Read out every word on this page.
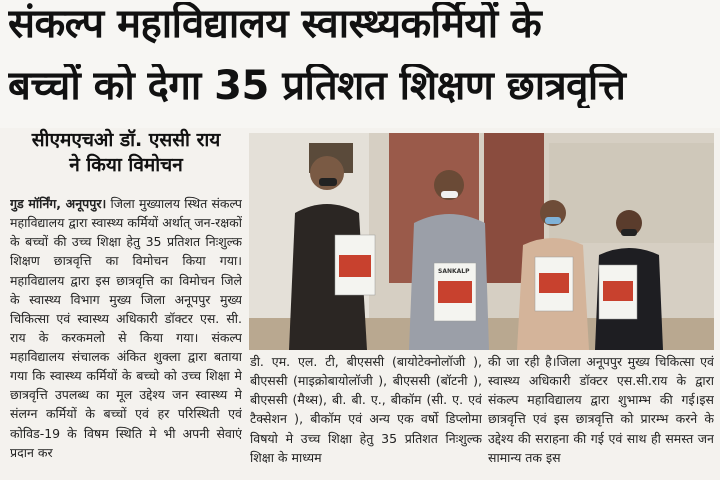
संकल्प महाविद्यालय स्वास्थ्यकर्मियों के
बच्चों को देगा 35 प्रतिशत शिक्षण छात्रवृत्ति
सीएमएचओ डॉ. एससी राय
ने किया विमोचन

गुड मॉर्निंग, अनूपपुर। जिला मुख्यालय स्थित संकल्प महाविद्यालय द्वारा स्वास्थ्य कर्मियों अर्थात् जन-रक्षकों के बच्चों की उच्च शिक्षा हेतु 35 प्रतिशत निःशुल्क शिक्षण छात्रवृत्ति का विमोचन किया गया।महाविद्यालय द्वारा इस छात्रवृत्ति का विमोचन जिले के स्वास्थ्य विभाग मुख्य जिला अनूपपुर मुख्य चिकित्सा एवं स्वास्थ्य अधिकारी डॉक्टर एस. सी. राय के करकमलो से किया गया। संकल्प महाविद्यालय संचालक अंकित शुक्ला द्वारा बताया गया कि स्वास्थ्य कर्मियों के बच्चो को उच्च शिक्षा मे छात्रवृत्ति उपलब्ध का मूल उद्देश्य जन स्वास्थ्य मे संलग्न कर्मियों के बच्चों एवं हर परिस्थिती एवं कोविड-19 के विषम स्थिति मे भी अपनी सेवाएं प्रदान कर

SANKALP

डी. एम. एल. टी, बीएससी (बायोटेक्नोलॉजी ), बीएससी (माइक्रोबायोलॉजी ), बीएससी (बॉटनी ), बीएससी (मैथ्स), बी. बी. ए., बीकॉम (सी. ए. एवं टैक्सेशन ), बीकॉम एवं अन्य एक वर्षो डिप्लोमा विषयो मे उच्च शिक्षा हेतु 35 प्रतिशत निःशुल्क शिक्षा के माध्यम

की जा रही है।जिला अनूपपुर मुख्य चिकित्सा एवं स्वास्थ्य अधिकारी डॉक्टर एस.सी.राय के द्वारा संकल्प महाविद्यालय द्वारा शुभाम्भ की गई।इस छात्रवृत्ति एवं इस छात्रवृत्ति को प्रारम्भ करने के उद्देश्य की सराहना की गई एवं साथ ही समस्त जन सामान्य तक इस
